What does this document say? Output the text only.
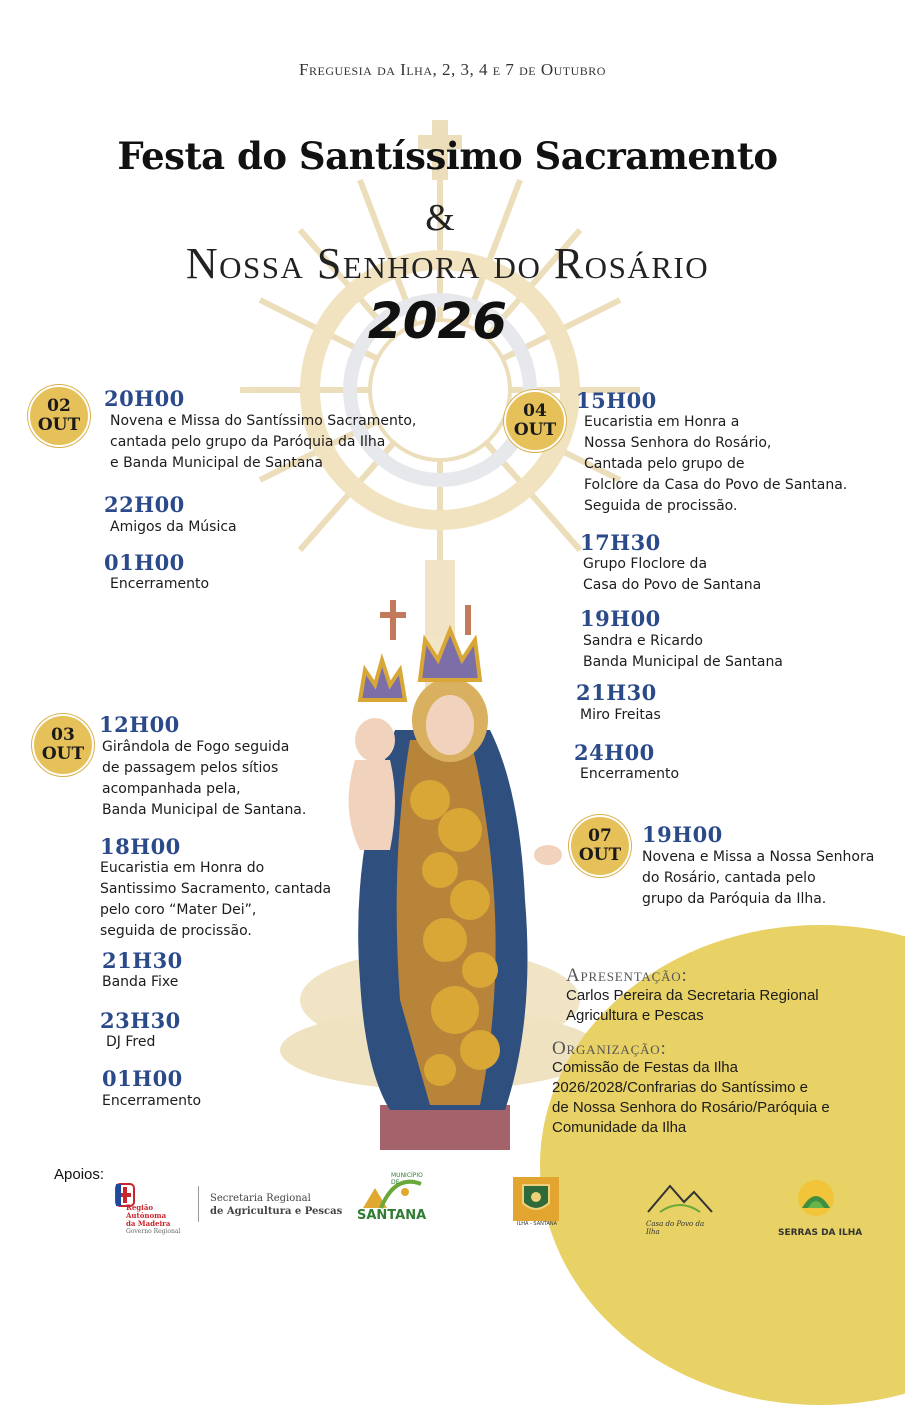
Freguesia da Ilha, 2, 3, 4 e 7 de Outubro
Festa do Santíssimo Sacramento
&
Nossa Senhora do Rosário
2026
02
OUT
20H00
Novena e Missa do Santíssimo Sacramento,
cantada pelo grupo da Paróquia da Ilha
e Banda Municipal de Santana
22H00
Amigos da Música
01H00
Encerramento
04
OUT
15H00
Eucaristia em Honra a
Nossa Senhora do Rosário,
Cantada pelo grupo de
Folclore da Casa do Povo de Santana.
Seguida de procissão.
17H30
Grupo Floclore da
Casa do Povo de Santana
19H00
Sandra e Ricardo
Banda Municipal de Santana
21H30
Miro Freitas
24H00
Encerramento
03
OUT
12H00
Girândola de Fogo seguida
de passagem pelos sítios
acompanhada pela,
Banda Municipal de Santana.
18H00
Eucaristia em Honra do
Santissimo Sacramento, cantada
pelo coro “Mater Dei”,
seguida de procissão.
21H30
Banda Fixe
23H30
DJ Fred
01H00
Encerramento
07
OUT
19H00
Novena e Missa a Nossa Senhora
do Rosário, cantada pelo
grupo da Paróquia da Ilha.
Apresentação:
Carlos Pereira da Secretaria Regional
Agricultura e Pescas
Organização:
Comissão de Festas da Ilha
2026/2028/Confrarias do Santíssimo e
de Nossa Senhora do Rosário/Paróquia e
Comunidade da Ilha
Apoios:
Região Autónoma
da Madeira
Governo Regional
Secretaria Regional
de Agricultura e Pescas SANTANA
MUNICÍPIO DE
ILHA - SANTANA	Casa do Povo da Ilha	SERRAS DA ILHA
